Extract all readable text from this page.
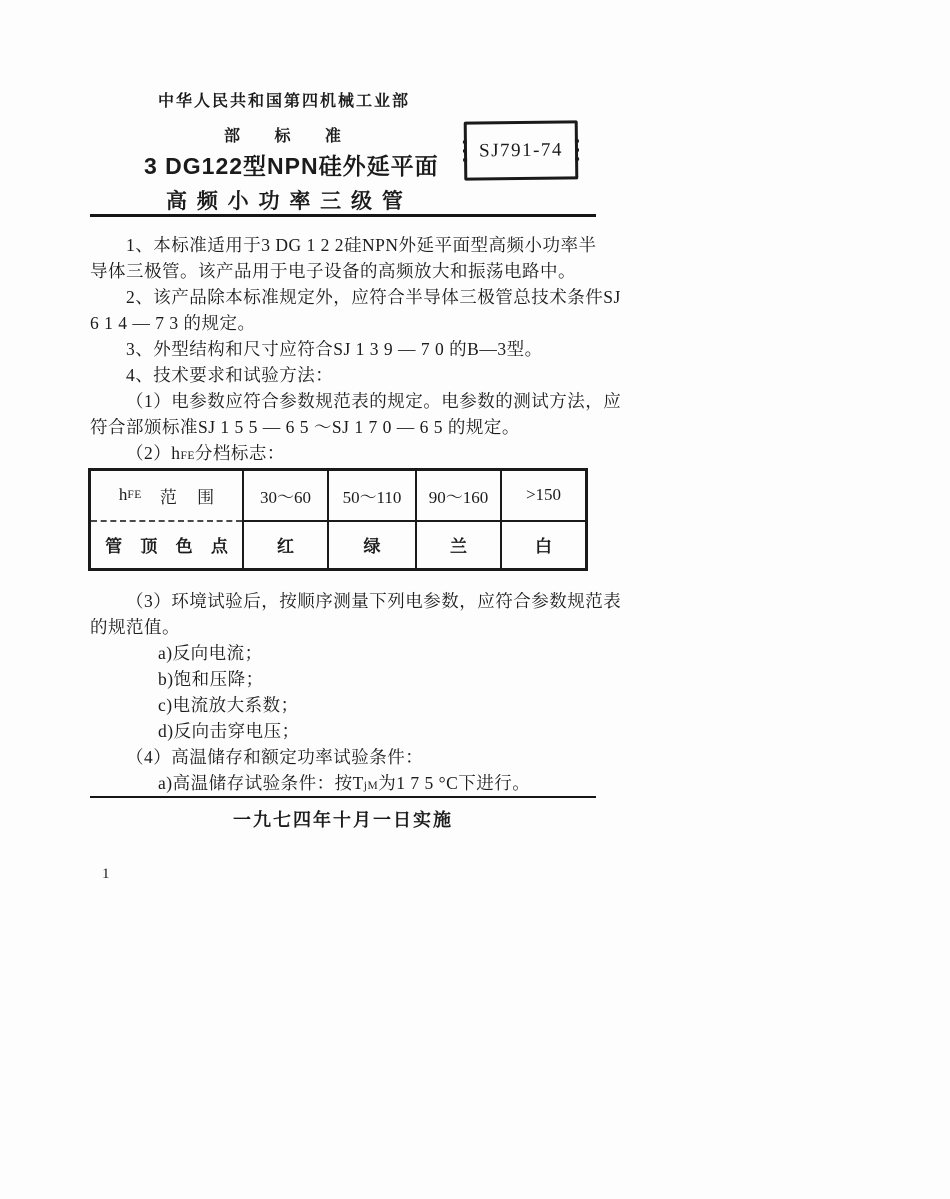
中华人民共和国第四机械工业部
部 标 准
3 DG122型NPN硅外延平面
高 频 小 功 率 三 级 管
SJ791-74
1、本标准适用于3 DG 1 2 2硅NPN外延平面型高频小功率半
导体三极管。该产品用于电子设备的高频放大和振荡电路中。
2、该产品除本标准规定外，应符合半导体三极管总技术条件SJ
6 1 4 — 7 3 的规定。
3、外型结构和尺寸应符合SJ 1 3 9 — 7 0 的B—3型。
4、技术要求和试验方法：
（1）电参数应符合参数规范表的规定。电参数的测试方法，应
符合部颁标准SJ 1 5 5 — 6 5 ～SJ 1 7 0 — 6 5 的规定。
（2）hFE分档标志：
h FE 范 围	30～60	50～110	90～160	>150
管 顶 色 点	红	绿	兰	白
（3）环境试验后，按顺序测量下列电参数，应符合参数规范表
的规范值。
a)反向电流；
b)饱和压降；
c)电流放大系数；
d)反向击穿电压；
（4）高温储存和额定功率试验条件：
a)高温储存试验条件：按TjM为1 7 5 °C下进行。
一九七四年十月一日实施
1
